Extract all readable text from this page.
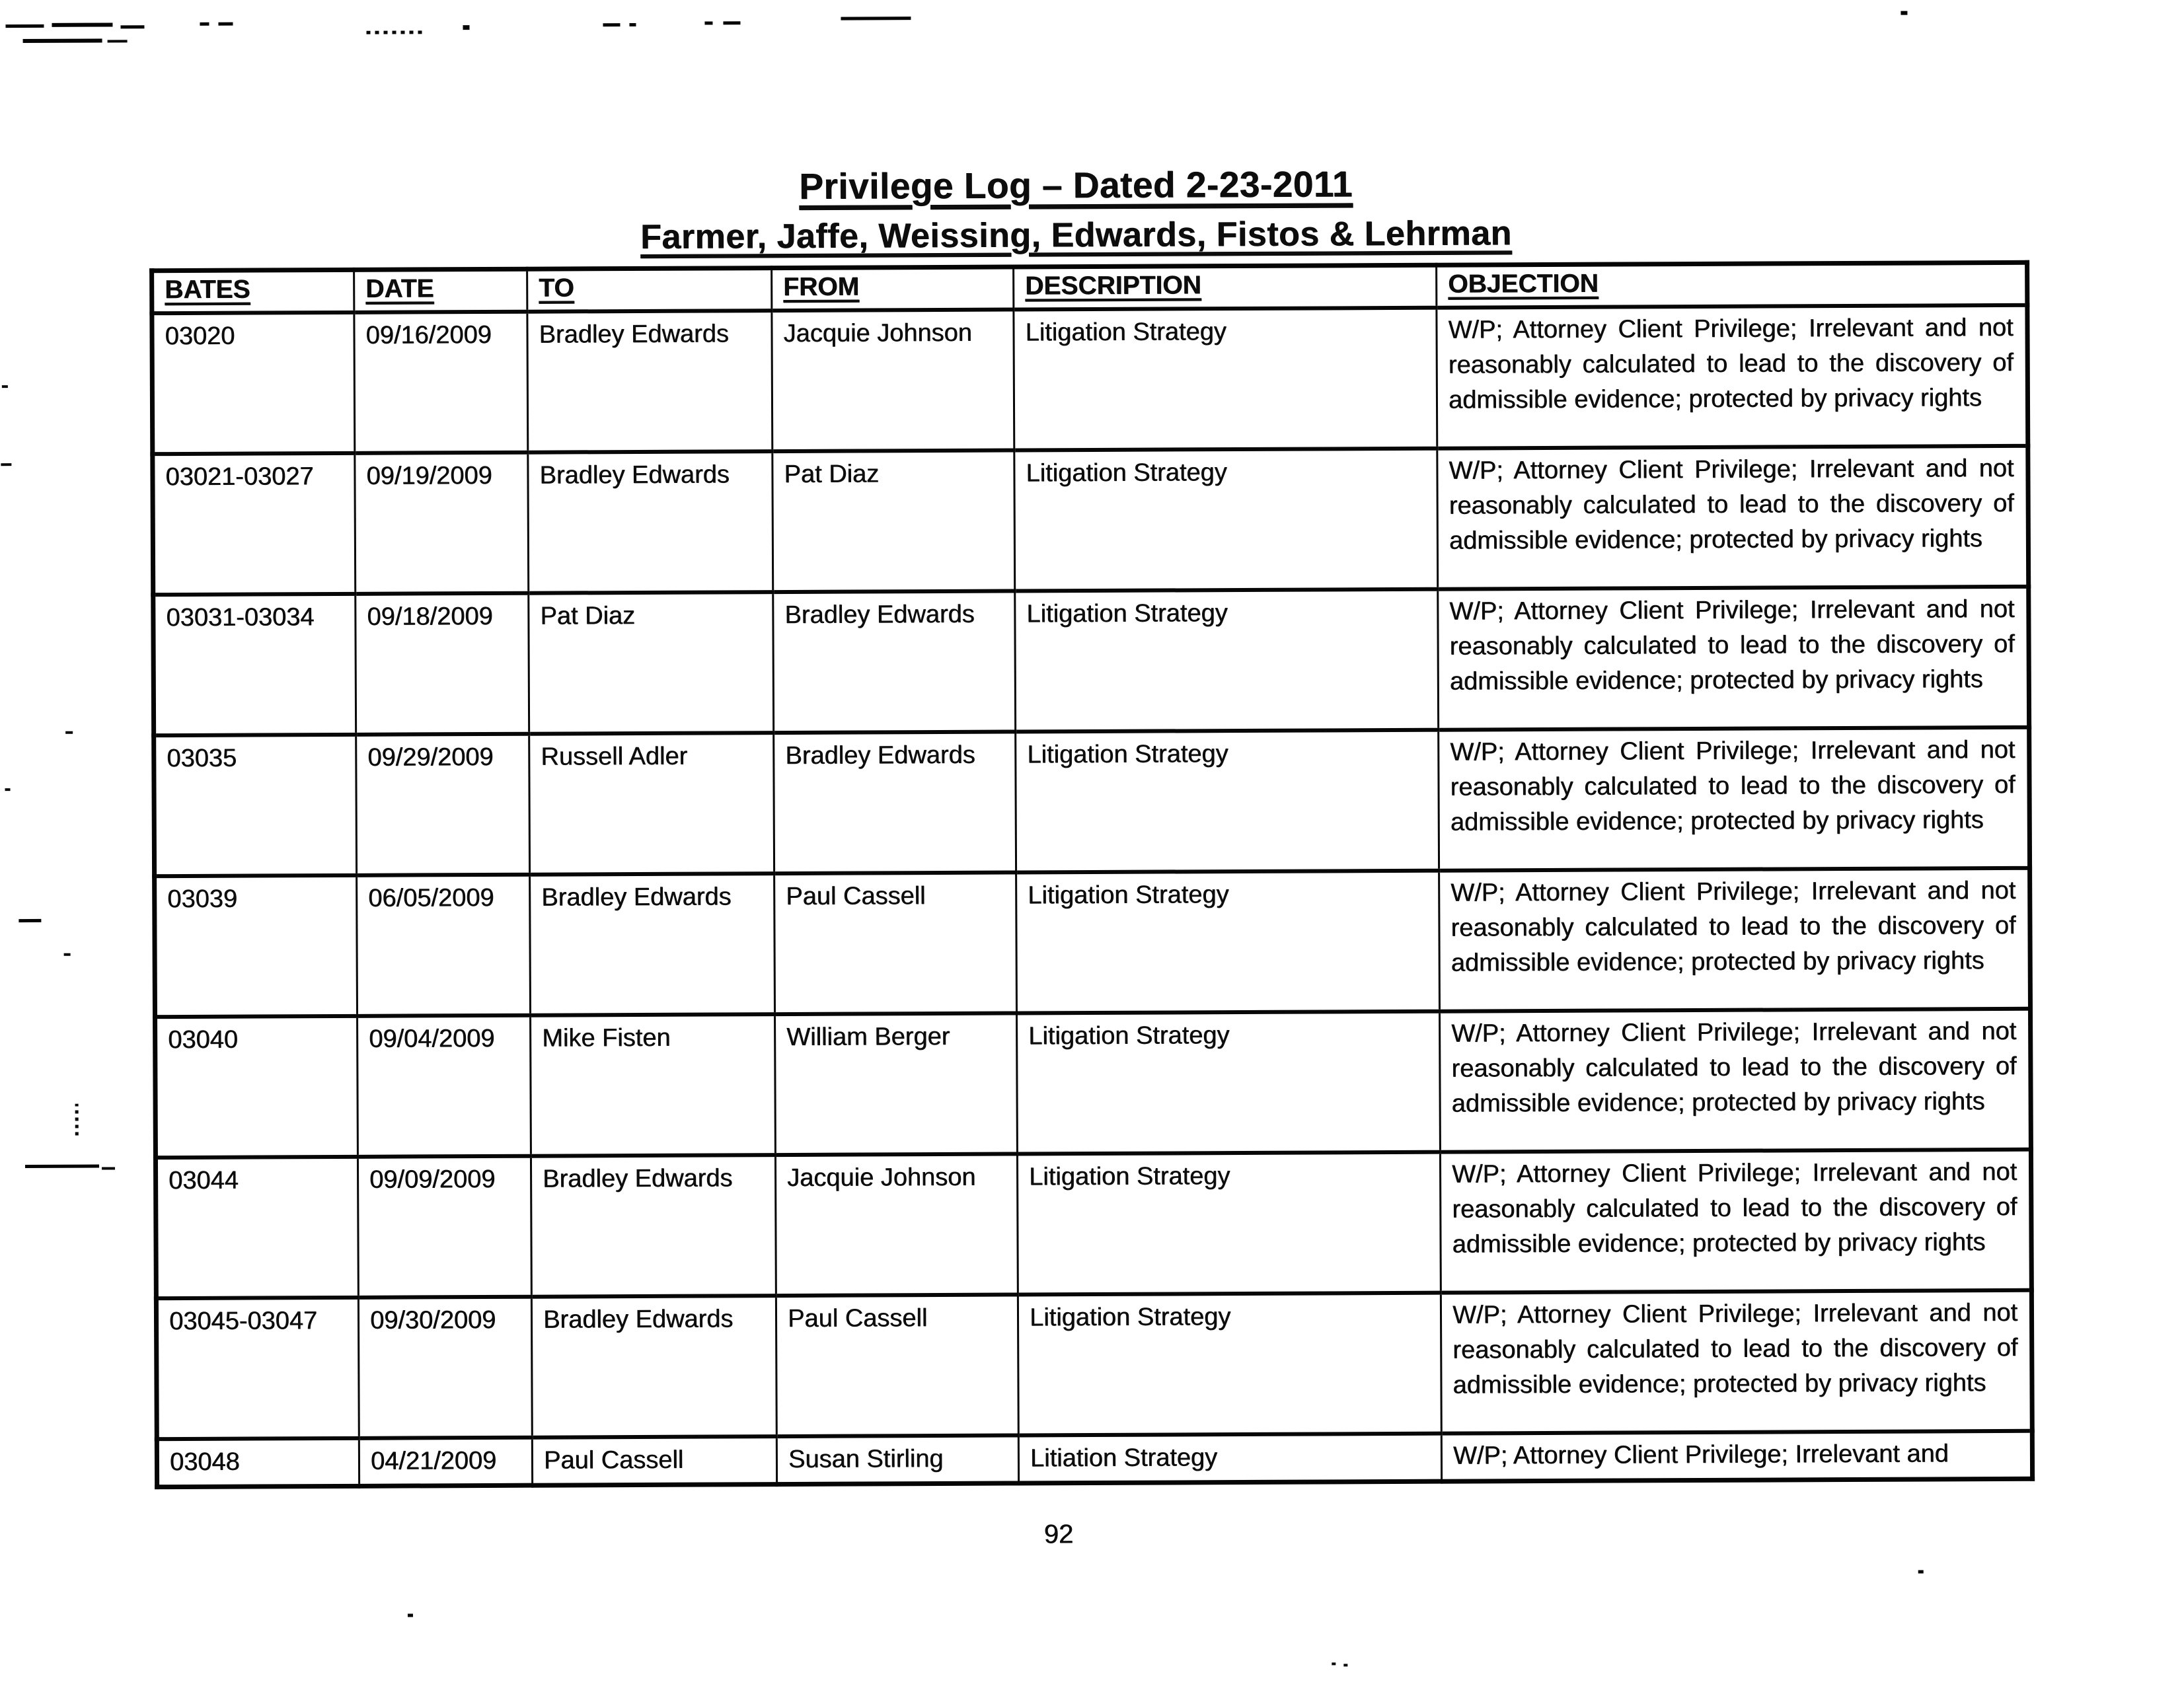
Privilege Log – Dated 2-23-2011
Farmer, Jaffe, Weissing, Edwards, Fistos & Lehrman
BATES	DATE	TO	FROM	DESCRIPTION	OBJECTION
03020	09/16/2009	Bradley Edwards	Jacquie Johnson	Litigation Strategy	W/P; Attorney Client Privilege; Irrelevant and not reasonably calculated to lead to the discovery of admissible evidence; protected by privacy rights
03021-03027	09/19/2009	Bradley Edwards	Pat Diaz	Litigation Strategy	W/P; Attorney Client Privilege; Irrelevant and not reasonably calculated to lead to the discovery of admissible evidence; protected by privacy rights
03031-03034	09/18/2009	Pat Diaz	Bradley Edwards	Litigation Strategy	W/P; Attorney Client Privilege; Irrelevant and not reasonably calculated to lead to the discovery of admissible evidence; protected by privacy rights
03035	09/29/2009	Russell Adler	Bradley Edwards	Litigation Strategy	W/P; Attorney Client Privilege; Irrelevant and not reasonably calculated to lead to the discovery of admissible evidence; protected by privacy rights
03039	06/05/2009	Bradley Edwards	Paul Cassell	Litigation Strategy	W/P; Attorney Client Privilege; Irrelevant and not reasonably calculated to lead to the discovery of admissible evidence; protected by privacy rights
03040	09/04/2009	Mike Fisten	William Berger	Litigation Strategy	W/P; Attorney Client Privilege; Irrelevant and not reasonably calculated to lead to the discovery of admissible evidence; protected by privacy rights
03044	09/09/2009	Bradley Edwards	Jacquie Johnson	Litigation Strategy	W/P; Attorney Client Privilege; Irrelevant and not reasonably calculated to lead to the discovery of admissible evidence; protected by privacy rights
03045-03047	09/30/2009	Bradley Edwards	Paul Cassell	Litigation Strategy	W/P; Attorney Client Privilege; Irrelevant and not reasonably calculated to lead to the discovery of admissible evidence; protected by privacy rights
03048	04/21/2009	Paul Cassell	Susan Stirling	Litiation Strategy	W/P; Attorney Client Privilege; Irrelevant and
92
